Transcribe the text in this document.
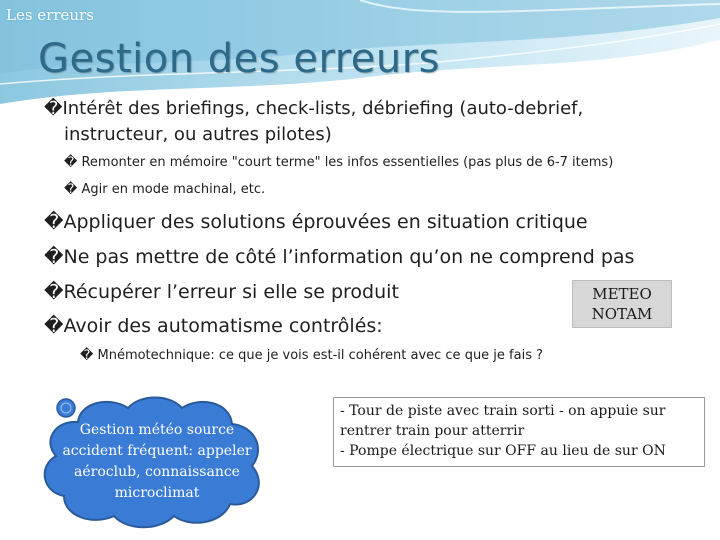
Les erreurs
Gestion des erreurs
�Intérêt des briefings, check-lists, débriefing (auto-debrief,
instructeur, ou autres pilotes)
� Remonter en mémoire "court terme" les infos essentielles (pas plus de 6-7 items)
� Agir en mode machinal, etc.
�Appliquer des solutions éprouvées en situation critique
�Ne pas mettre de côté l’information qu’on ne comprend pas
�Récupérer l’erreur si elle se produit
�Avoir des automatisme contrôlés:
� Mnémotechnique: ce que je vois est-il cohérent avec ce que je fais ?
METEO
NOTAM
Gestion météo source
accident fréquent: appeler
aéroclub, connaissance
microclimat
- Tour de piste avec train sorti - on appuie sur
rentrer train pour atterrir
- Pompe électrique sur OFF au lieu de sur ON
